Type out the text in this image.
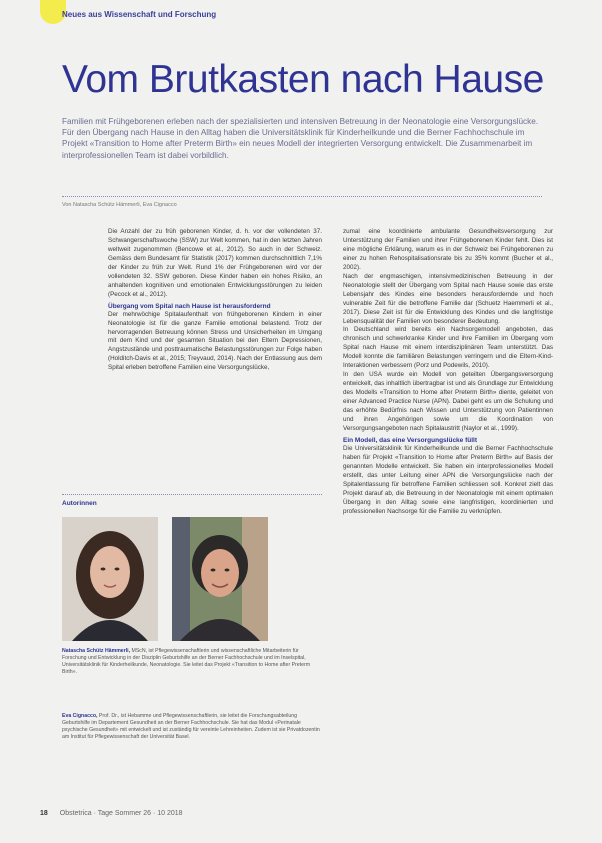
Neues aus Wissenschaft und Forschung
Vom Brutkasten nach Hause

Familien mit Frühgeborenen erleben nach der spezialisierten und intensiven Betreuung in der Neonatologie eine Versorgungslücke. Für den Übergang nach Hause in den Alltag haben die Universitätsklinik für Kinderheilkunde und die Berner Fachhochschule im Projekt «Transition to Home after Preterm Birth» ein neues Modell der integrierten Versorgung entwickelt. Die Zusammenarbeit im interprofessionellen Team ist dabei vorbildlich.

Von Natascha Schütz Hämmerli, Eva Cignacco

Die Anzahl der zu früh geborenen Kinder, d. h. vor der vollendeten 37. Schwangerschaftswoche (SSW) zur Welt kommen, hat in den letzten Jahren weltweit zugenommen (Bencowe et al., 2012). So auch in der Schweiz. Gemäss dem Bundesamt für Statistik (2017) kommen durchschnittlich 7,1% der Kinder zu früh zur Welt. Rund 1% der Frühgeborenen wird vor der vollendeten 32. SSW geboren. Diese Kinder haben ein hohes Risiko, an anhaltenden kognitiven und emotionalen Entwicklungsstörungen zu leiden (Pecock et al., 2012).

Übergang vom Spital nach Hause ist herausfordernd

Der mehrwöchige Spitalaufenthalt von frühgeborenen Kindern in einer Neonatologie ist für die ganze Familie emotional belastend. Trotz der hervorragenden Betreuung können Stress und Unsicherheiten im Umgang mit dem Kind und der gesamten Situation bei den Eltern Depressionen, Angstzustände und posttraumatische Belastungsstörungen zur Folge haben (Holditch-Davis et al., 2015; Treyvaud, 2014). Nach der Entlassung aus dem Spital erleben betroffene Familien eine Versorgungslücke,

zumal eine koordinierte ambulante Gesundheitsversorgung zur Unterstützung der Familien und ihrer Frühgeborenen Kinder fehlt. Dies ist eine mögliche Erklärung, warum es in der Schweiz bei Frühgeborenen zu einer zu hohen Rehospitalisationsrate bis zu 35% kommt (Bucher et al., 2002).

Nach der engmaschigen, intensivmedizinischen Betreuung in der Neonatologie stellt der Übergang vom Spital nach Hause sowie das erste Lebensjahr des Kindes eine besonders herausfordernde und hoch vulnerable Zeit für die betroffene Familie dar (Schuetz Haemmerli et al., 2017). Diese Zeit ist für die Entwicklung des Kindes und die langfristige Lebensqualität der Familien von besonderer Bedeutung.

In Deutschland wird bereits ein Nachsorgemodell angeboten, das chronisch und schwerkranke Kinder und ihre Familien im Übergang vom Spital nach Hause mit einem interdisziplinären Team unterstützt. Das Modell konnte die familiären Belastungen verringern und die Eltern-Kind-Interaktionen verbessern (Porz und Podewils, 2010).

In den USA wurde ein Modell von geteilten Übergangsversorgung entwickelt, das inhaltlich übertragbar ist und als Grundlage zur Entwicklung des Modells «Transition to Home after Preterm Birth» diente, geleitet von einer Advanced Practice Nurse (APN). Dabei geht es um die Schulung und das erhöhte Bedürfnis nach Wissen und Unterstützung von Patientinnen und ihren Angehörigen sowie um die Koordination von Versorgungsangeboten nach Spitalaustritt (Naylor et al., 1999).

Ein Modell, das eine Versorgungslücke füllt

Die Universitätsklinik für Kinderheilkunde und die Berner Fachhochschule haben für Projekt «Transition to Home after Preterm Birth» auf Basis der genannten Modelle entwickelt. Sie haben ein interprofessionelles Modell erstellt, das unter Leitung einer APN die Versorgungslücke nach der Spitalentlassung für betroffene Familien schliessen soll. Konkret zielt das Projekt darauf ab, die Betreuung in der Neonatologie mit einem optimalen Übergang in den Alltag sowie eine langfristigen, koordinierten und professionellen Nachsorge für die Familie zu verknüpfen.

Autorinnen

Natascha Schütz Hämmerli, MScN, ist Pflegewissenschaftlerin und wissenschaftliche Mitarbeiterin für Forschung und Entwicklung in der Disziplin Geburtshilfe an der Berner Fachhochschule und im Inselspital, Universitätsklinik für Kinderheilkunde, Neonatologie. Sie leitet das Projekt «Transition to Home after Preterm Birth».

Eva Cignacco, Prof. Dr., ist Hebamme und Pflegewissenschaftlerin, sie leitet die Forschungsabteilung Geburtshilfe im Departement Gesundheit an der Berner Fachhochschule. Sie hat das Modul «Perinatale psychische Gesundheit» mit entwickelt und ist zuständig für vereinte Lehreinheiten. Zudem ist sie Privatdozentin am Institut für Pflegewissenschaft der Universität Basel.

18 Obstetrica · Tage Sommer 26 · 10 2018
